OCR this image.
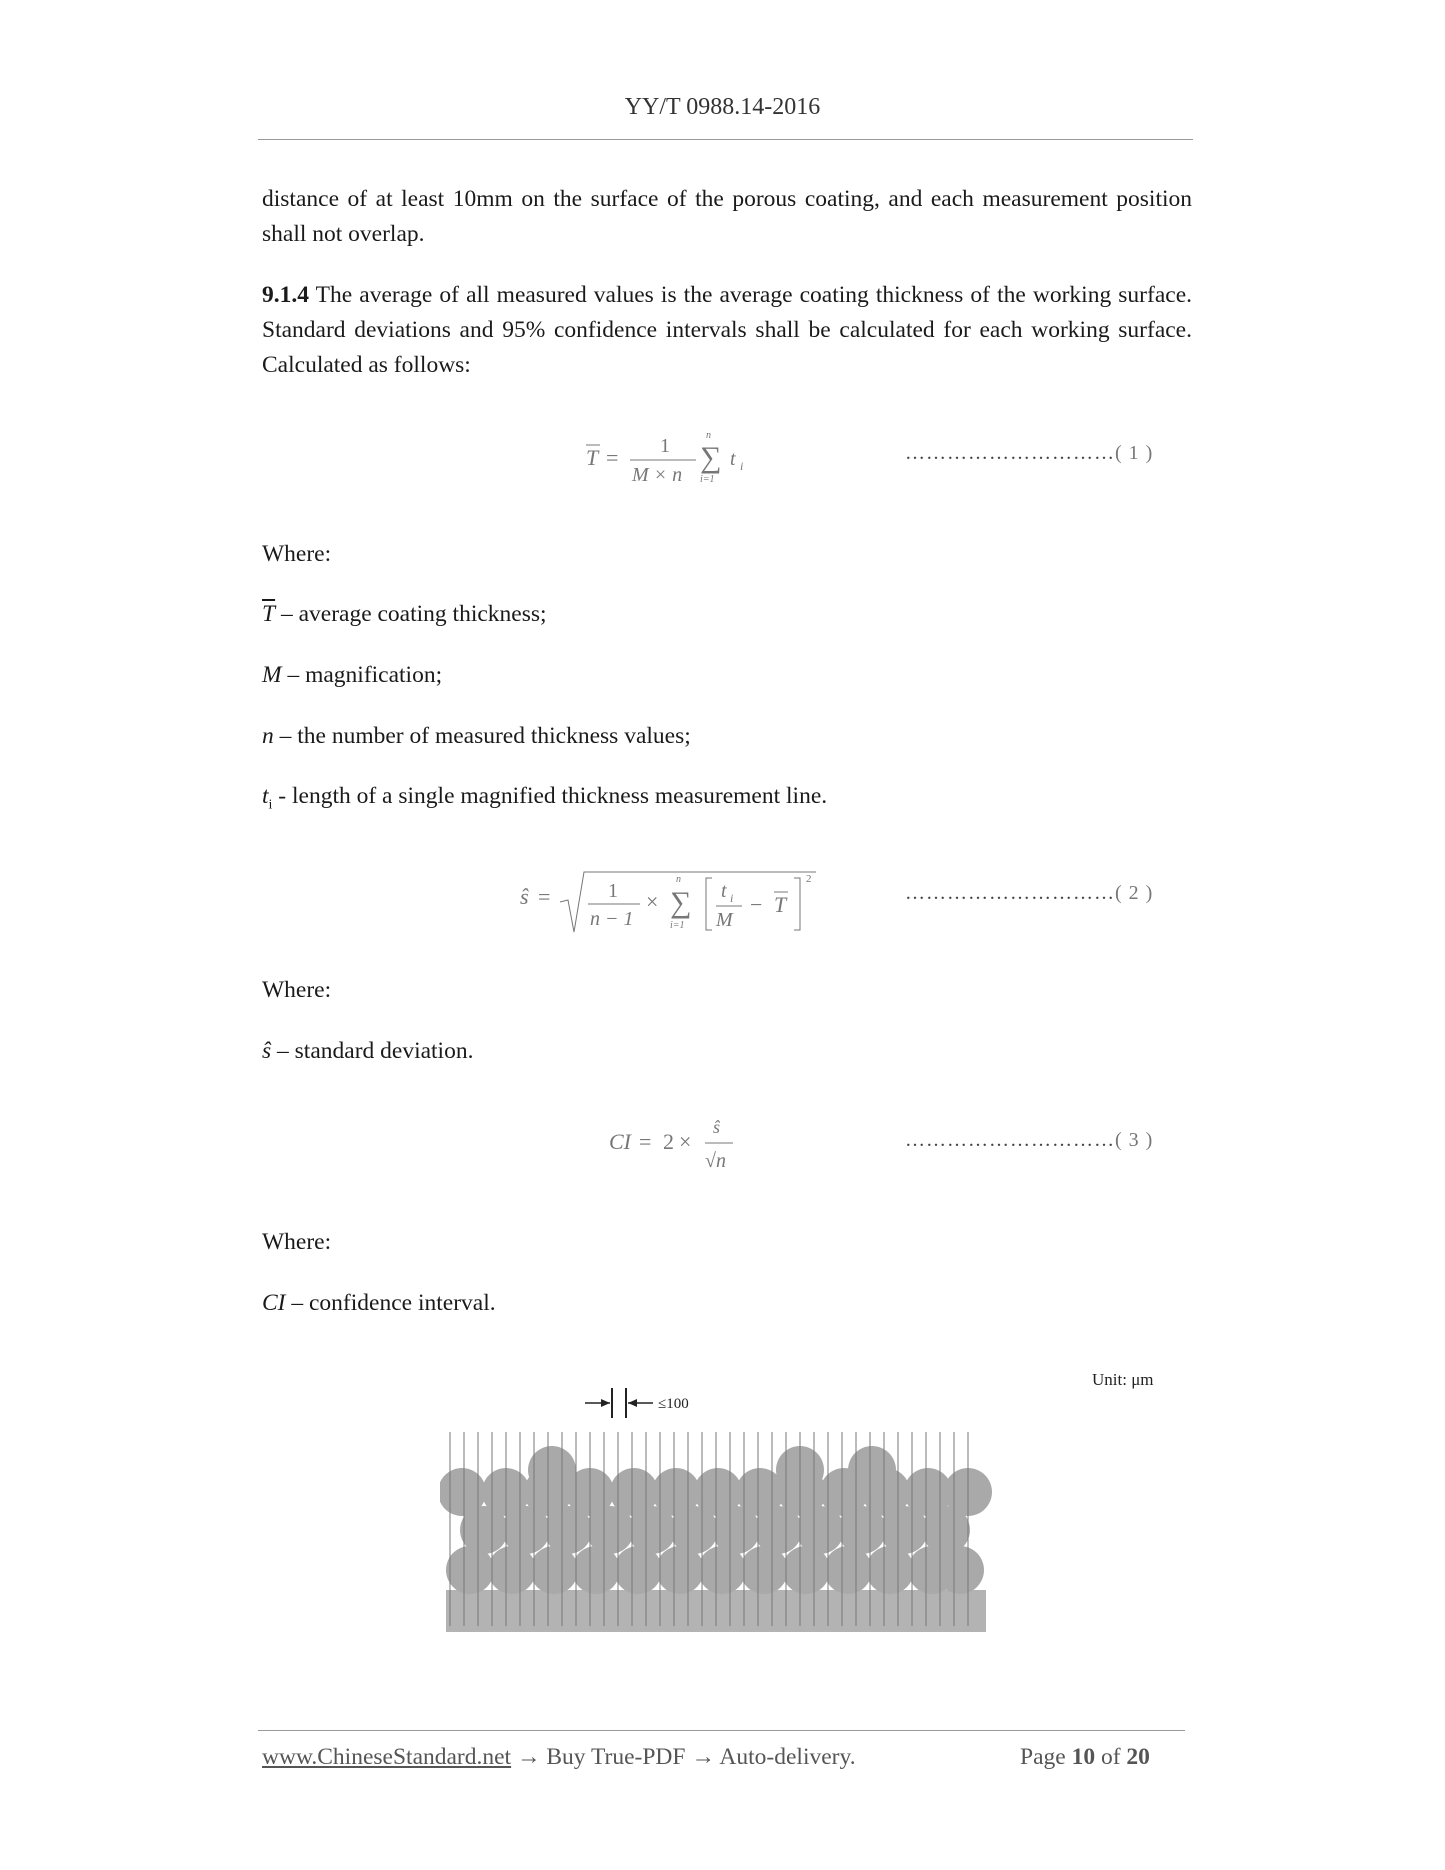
YY/T 0988.14-2016
distance of at least 10mm on the surface of the porous coating, and each measurement position shall not overlap.
9.1.4 The average of all measured values is the average coating thickness of the working surface. Standard deviations and 95% confidence intervals shall be calculated for each working surface. Calculated as follows:
T = 1
M × n
n
∑
i=1
t i
…………………………( 1 )
Where:
$\overline{T}$ – average coating thickness;
M – magnification;
n – the number of measured thickness values;
$t_i$ - length of a single magnified thickness measurement line.
ŝ =	1
n − 1
×
n
∑
i=1
t i
M
− T
2
…………………………( 2 )
Where:
ŝ – standard deviation.
CI = 2 ×
ŝ
√n
…………………………( 3 )
Where:
CI – confidence interval.
Unit: μm
≤100
www.ChineseStandard.net → Buy True-PDF → Auto-delivery.	Page 10 of 20
